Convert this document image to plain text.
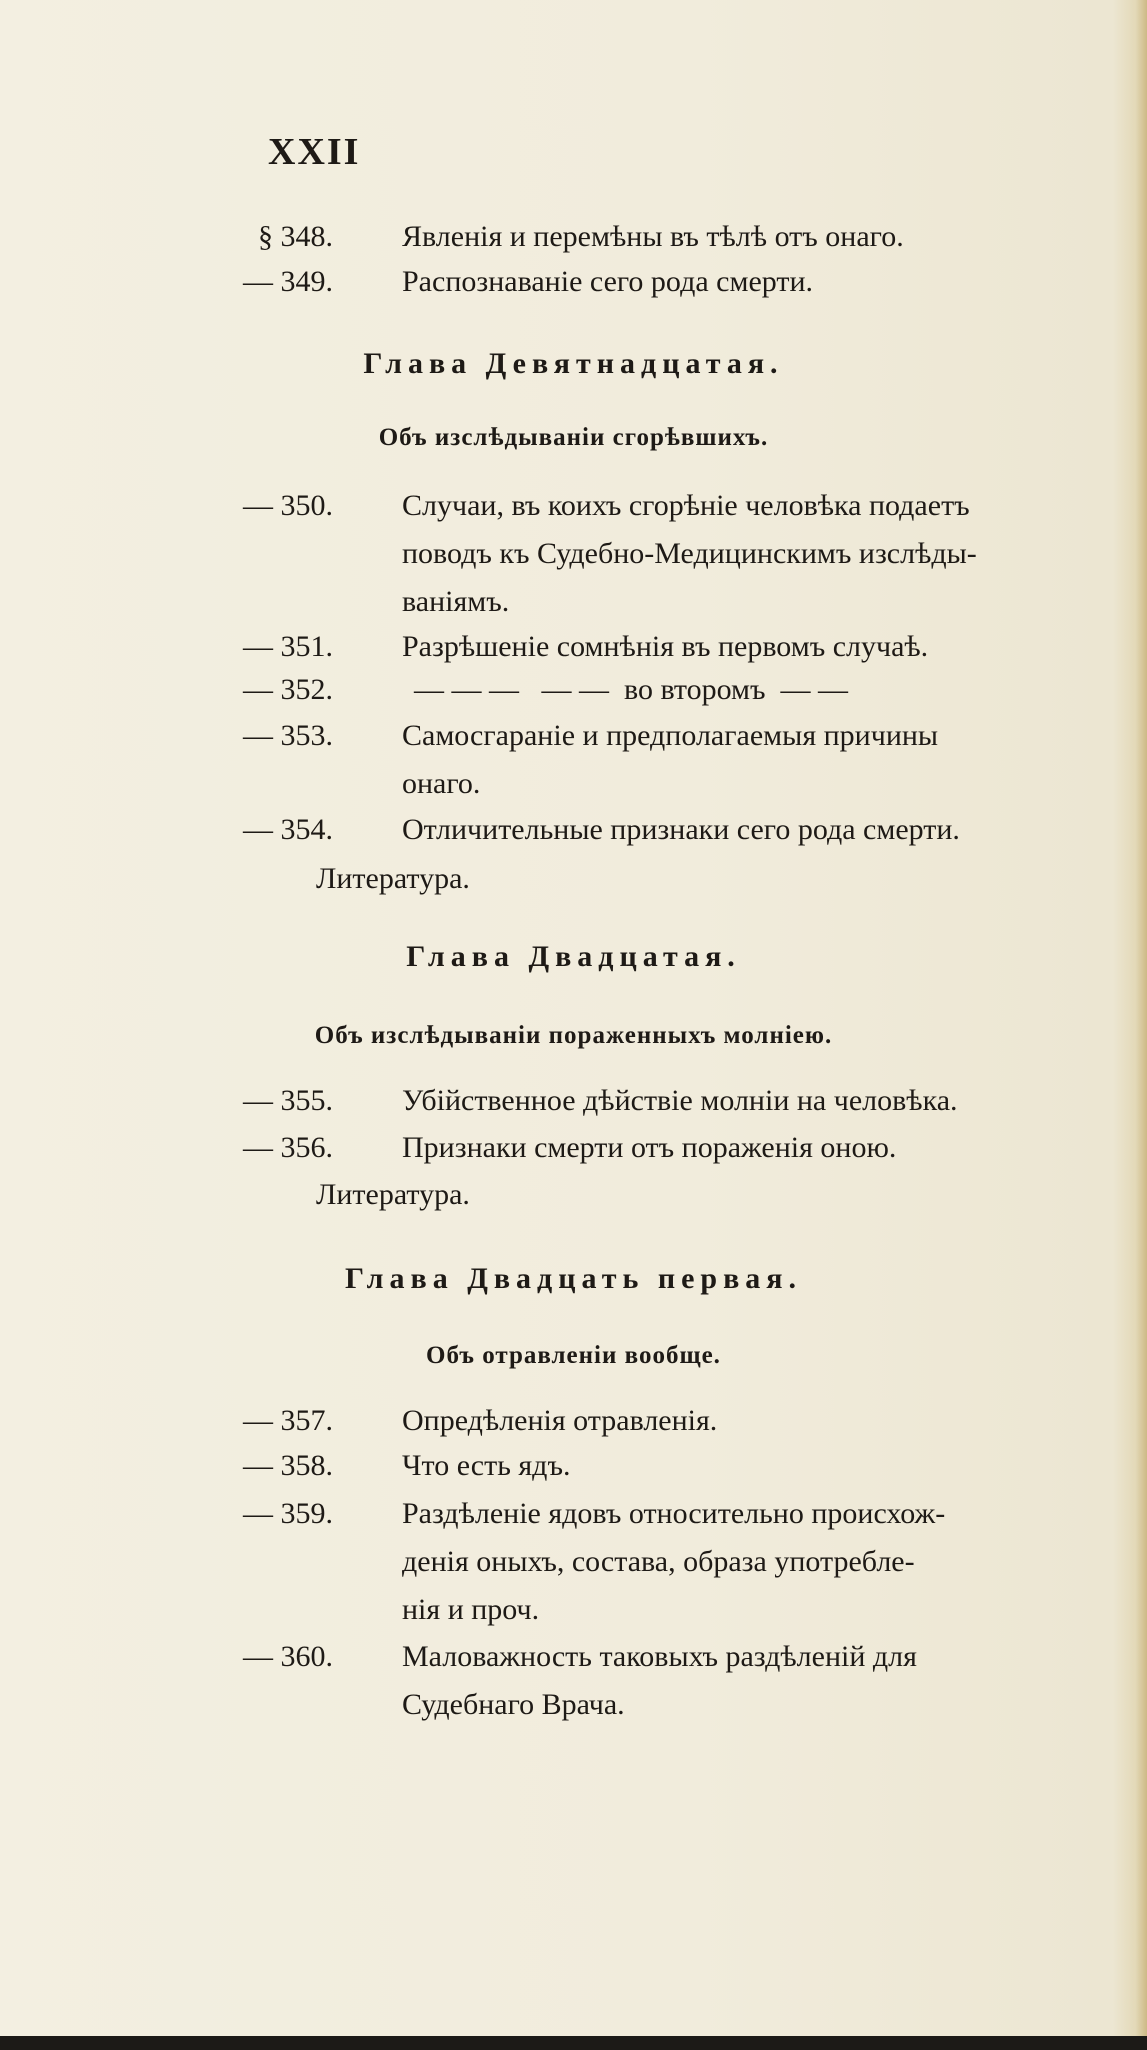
XXII
§ 348. Явленія и перемѣны въ тѣлѣ отъ онаго.
— 349. Распознаваніе сего рода смерти.
Глава Девятнадцатая.
Объ изслѣдываніи сгорѣвшихъ.
— 350. Случаи, въ коихъ сгорѣніе человѣка подаетъ
поводъ къ Судебно-Медицинскимъ изслѣды-
ваніямъ.
— 351. Разрѣшеніе сомнѣнія въ первомъ случаѣ.
— 352.	— — —   — —  во второмъ  — —
— 353. Самосгараніе и предполагаемыя причины
онаго.
— 354. Отличительные признаки сего рода смерти.
Литература.
Глава Двадцатая.
Объ изслѣдываніи пораженныхъ молніею.
— 355. Убійственное дѣйствіе молніи на человѣка.
— 356. Признаки смерти отъ пораженія оною.
Литература.
Глава Двадцать первая.
Объ отравленіи вообще.
— 357. Опредѣленія отравленія.
— 358. Что есть ядъ.
— 359. Раздѣленіе ядовъ относительно происхож-
денія оныхъ, состава, образа употребле-
нія и проч.
— 360. Маловажность таковыхъ раздѣленій для
Судебнаго Врача.
